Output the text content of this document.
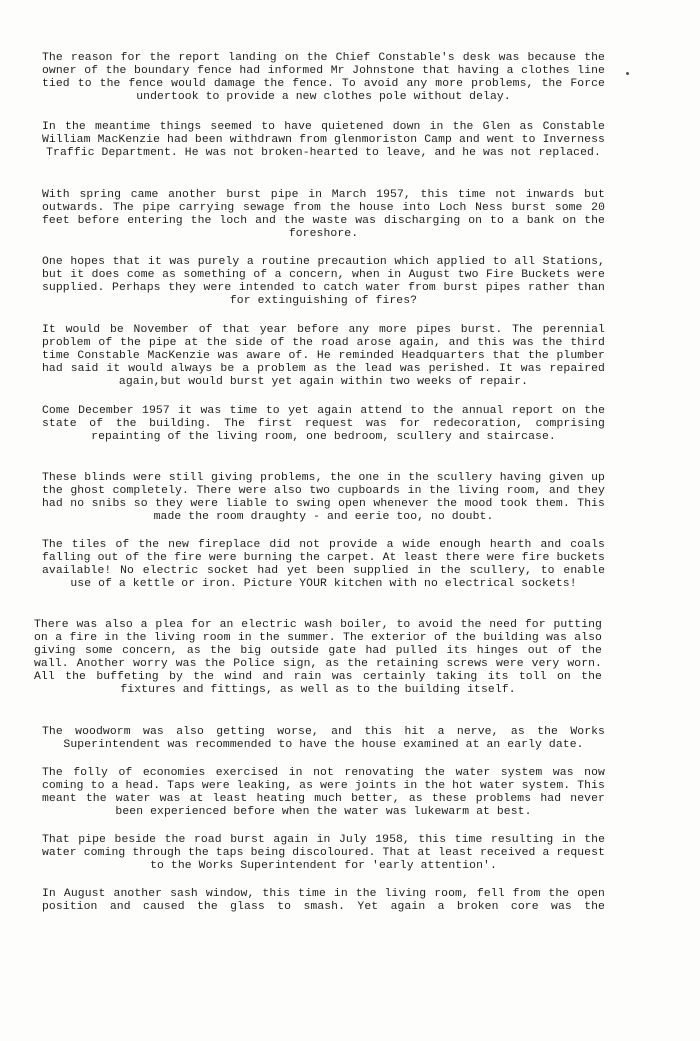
The reason for the report landing on the Chief Constable's desk was because the owner of the boundary fence had informed Mr Johnstone that having a clothes line tied to the fence would damage the fence. To avoid any more problems, the Force undertook to provide a new clothes pole without delay.

In the meantime things seemed to have quietened down in the Glen as Constable William MacKenzie had been withdrawn from glenmoriston Camp and went to Inverness Traffic Department. He was not broken-hearted to leave, and he was not replaced.

With spring came another burst pipe in March 1957, this time not inwards but outwards. The pipe carrying sewage from the house into Loch Ness burst some 20 feet before entering the loch and the waste was discharging on to a bank on the foreshore.

One hopes that it was purely a routine precaution which applied to all Stations, but it does come as something of a concern, when in August two Fire Buckets were supplied. Perhaps they were intended to catch water from burst pipes rather than for extinguishing of fires?

It would be November of that year before any more pipes burst. The perennial problem of the pipe at the side of the road arose again, and this was the third time Constable MacKenzie was aware of. He reminded Headquarters that the plumber had said it would always be a problem as the lead was perished. It was repaired again,but would burst yet again within two weeks of repair.

Come December 1957 it was time to yet again attend to the annual report on the state of the building. The first request was for redecoration, comprising repainting of the living room, one bedroom, scullery and staircase.

These blinds were still giving problems, the one in the scullery having given up the ghost completely. There were also two cupboards in the living room, and they had no snibs so they were liable to swing open whenever the mood took them. This made the room draughty - and eerie too, no doubt.

The tiles of the new fireplace did not provide a wide enough hearth and coals falling out of the fire were burning the carpet. At least there were fire buckets available! No electric socket had yet been supplied in the scullery, to enable use of a kettle or iron. Picture YOUR kitchen with no electrical sockets!

There was also a plea for an electric wash boiler, to avoid the need for putting on a fire in the living room in the summer. The exterior of the building was also giving some concern, as the big outside gate had pulled its hinges out of the wall. Another worry was the Police sign, as the retaining screws were very worn. All the buffeting by the wind and rain was certainly taking its toll on the fixtures and fittings, as well as to the building itself.

The woodworm was also getting worse, and this hit a nerve, as the Works Superintendent was recommended to have the house examined at an early date.

The folly of economies exercised in not renovating the water system was now coming to a head. Taps were leaking, as were joints in the hot water system. This meant the water was at least heating much better, as these problems had never been experienced before when the water was lukewarm at best.

That pipe beside the road burst again in July 1958, this time resulting in the water coming through the taps being discoloured. That at least received a request to the Works Superintendent for 'early attention'.

In August another sash window, this time in the living room, fell from the open position and caused the glass to smash. Yet again a broken core was the
